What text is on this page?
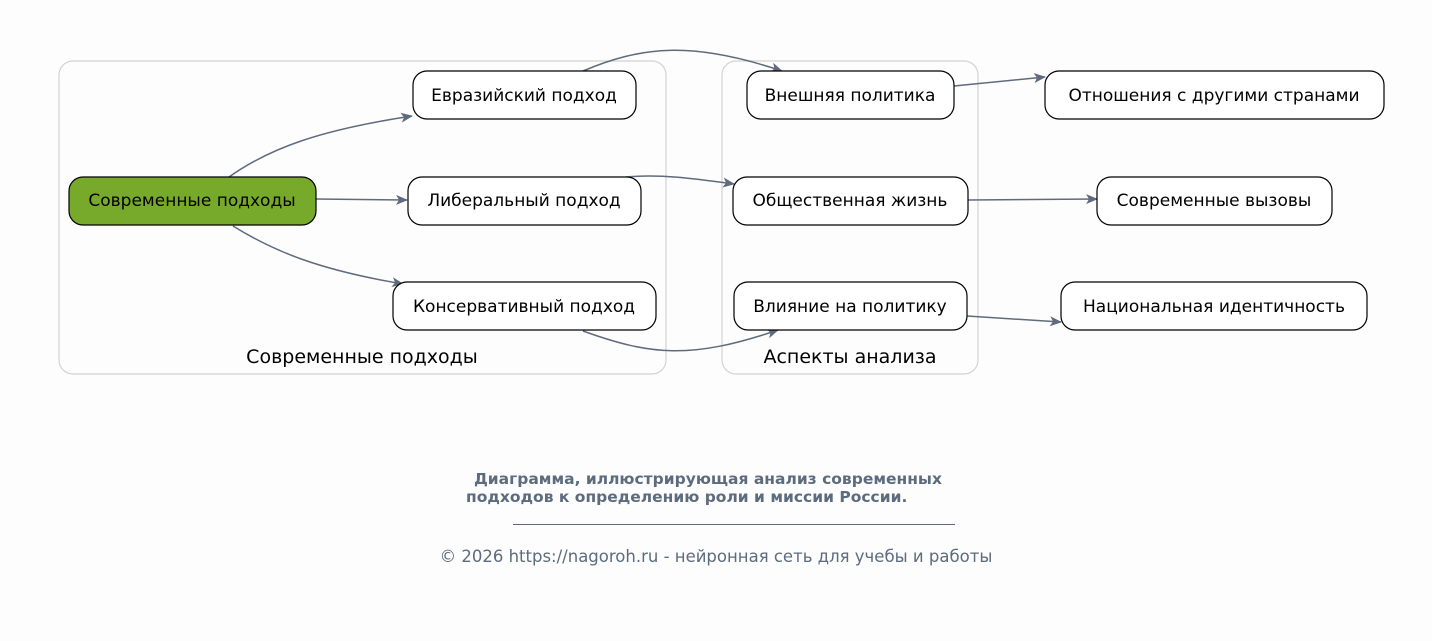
Современные подходы	Аспекты анализа
Современные подходы
Евразийский подход
Либеральный подход
Консервативный подход
Внешняя политика
Общественная жизнь
Влияние на политику
Отношения с другими странами
Современные вызовы
Национальная идентичность
Диаграмма, иллюстрирующая анализ современных
подходов к определению роли и миссии России.
© 2026 https://nagoroh.ru - нейронная сеть для учебы и работы
